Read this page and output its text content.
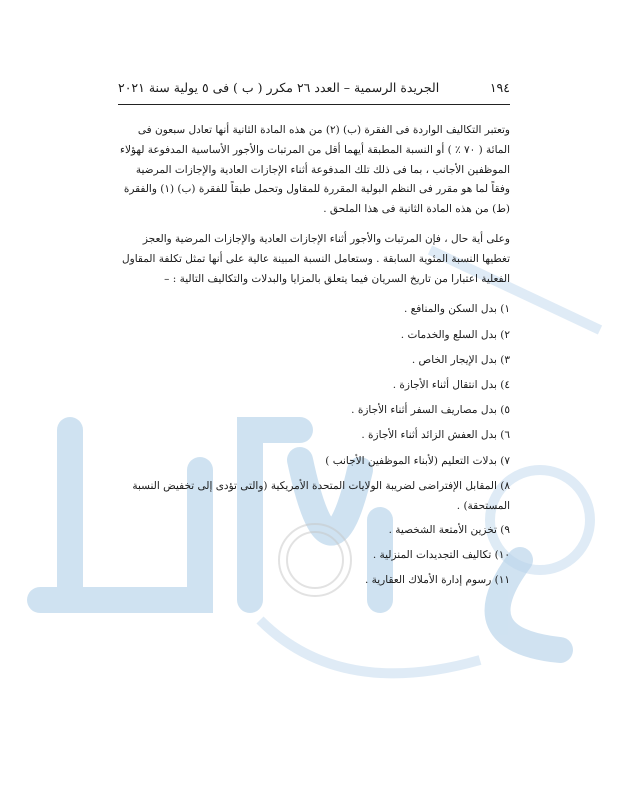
١٩٤
الجريدة الرسمية – العدد ٢٦ مكرر ( ب ) فى ٥ يولية سنة ٢٠٢١

وتعتبر التكاليف الواردة فى الفقرة (ب) (٢) من هذه المادة الثانية أنها تعادل سبعون فى المائة ( ٧٠ ٪ ) أو النسبة المطبقة أيهما أقل من المرتبات والأجور الأساسية المدفوعة لهؤلاء الموظفين الأجانب ، بما فى ذلك تلك المدفوعة أثناء الإجازات العادية والإجازات المرضية وفقاً لما هو مقرر فى النظم البولية المقررة للمقاول وتحمل طبقاً للفقرة (ب) (١) والفقرة (ط) من هذه المادة الثانية فى هذا الملحق .

وعلى أية حال ، فإن المرتبات والأجور أثناء الإجازات العادية والإجازات المرضية والعجز تغطيها النسبة المئوية السابقة . وستعامل النسبة المبينة عالية على أنها تمثل تكلفة المقاول الفعلية اعتبارا من تاريخ السريان فيما يتعلق بالمزايا والبدلات والتكاليف التالية : –

١) بدل السكن والمنافع .
٢) بدل السلع والخدمات .
٣) بدل الإيجار الخاص .
٤) بدل انتقال أثناء الأجازة .
٥) بدل مصاريف السفر أثناء الأجازة .
٦) بدل العفش الزائد أثناء الأجازة .
٧) بدلات التعليم (لأبناء الموظفين الأجانب )
٨) المقابل الإفتراضى لضريبة الولايات المتحدة الأمريكية (والتى تؤدى إلى تخفيض النسبة المستحقة) .
٩) تخزين الأمتعة الشخصية .
١٠) تكاليف التجديدات المنزلية .
١١) رسوم إدارة الأملاك العقارية .
